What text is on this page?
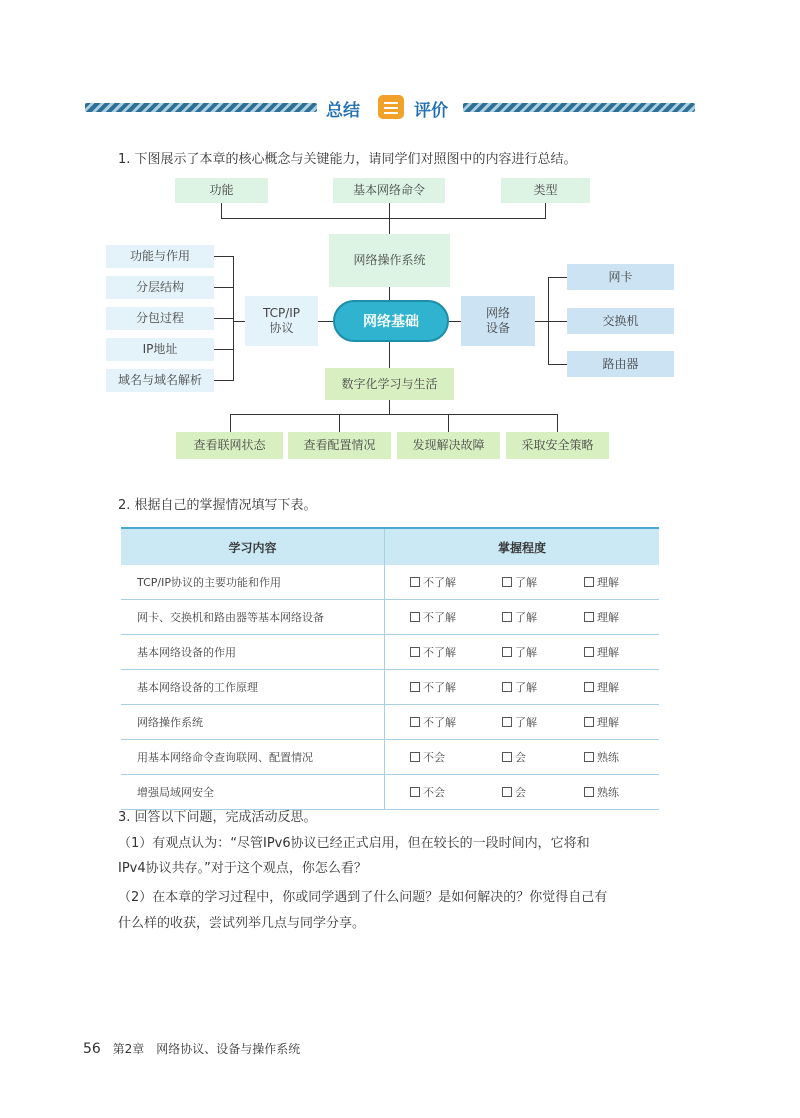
总结	评价
1. 下图展示了本章的核心概念与关键能力，请同学们对照图中的内容进行总结。
功能	基本网络命令	类型
网络操作系统
功能与作用
分层结构
分包过程
IP地址
域名与域名解析
TCP/IP
协议	网络基础
网络
设备
网卡
交换机
路由器
数字化学习与生活
查看联网状态	查看配置情况	发现解决故障	采取安全策略
2. 根据自己的掌握情况填写下表。
学习内容	掌握程度
TCP/IP协议的主要功能和作用	不了解 了解 理解
网卡、交换机和路由器等基本网络设备	不了解 了解 理解
基本网络设备的作用	不了解 了解 理解
基本网络设备的工作原理	不了解 了解 理解
网络操作系统	不了解 了解 理解
用基本网络命令查询联网、配置情况	不会 会 熟练
增强局域网安全	不会 会 熟练
3. 回答以下问题，完成活动反思。
（1）有观点认为：“尽管IPv6协议已经正式启用，但在较长的一段时间内，它将和
IPv4协议共存。”对于这个观点，你怎么看？
（2）在本章的学习过程中，你或同学遇到了什么问题？是如何解决的？你觉得自己有
什么样的收获，尝试列举几点与同学分享。
56 第2章　网络协议、设备与操作系统
